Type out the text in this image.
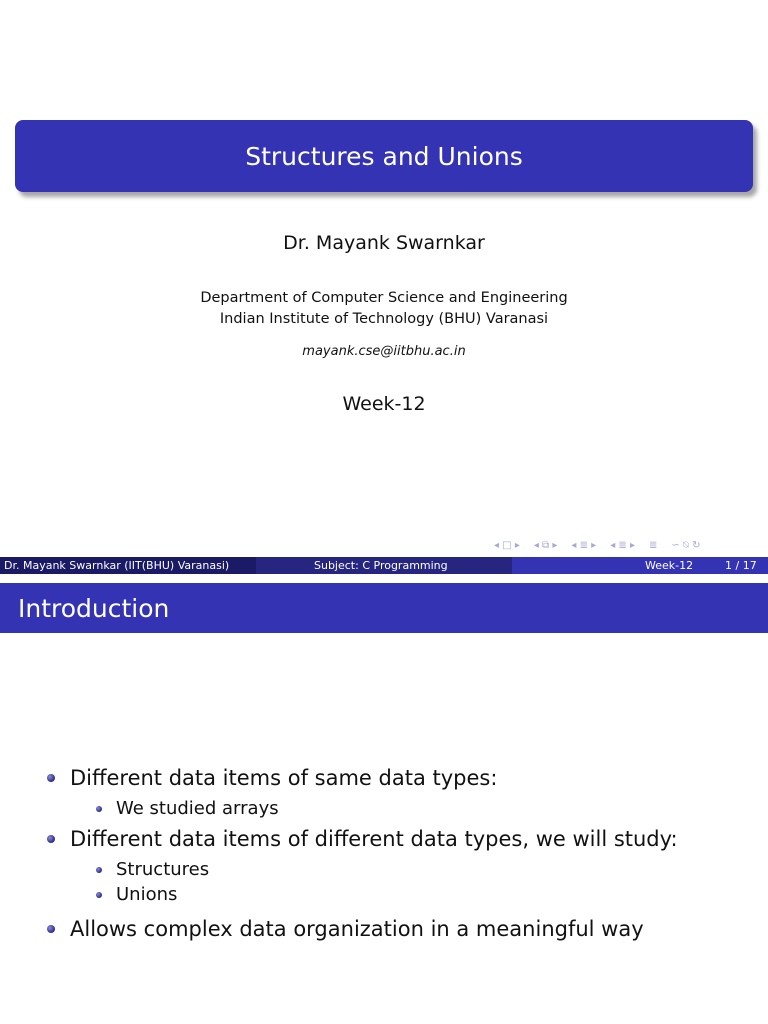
Structures and Unions
Dr. Mayank Swarnkar
Department of Computer Science and Engineering
Indian Institute of Technology (BHU) Varanasi
mayank.cse@iitbhu.ac.in
Week-12
◂ □ ▸ ◂ ⧉ ▸ ◂ ≣ ▸ ◂ ≣ ▸ ≣ ∽ ⍉ ↻
Dr. Mayank Swarnkar (IIT(BHU) Varanasi)	Subject: C Programming	Week-12	1 / 17
Introduction
Different data items of same data types:
We studied arrays
Different data items of different data types, we will study:
Structures
Unions
Allows complex data organization in a meaningful way
